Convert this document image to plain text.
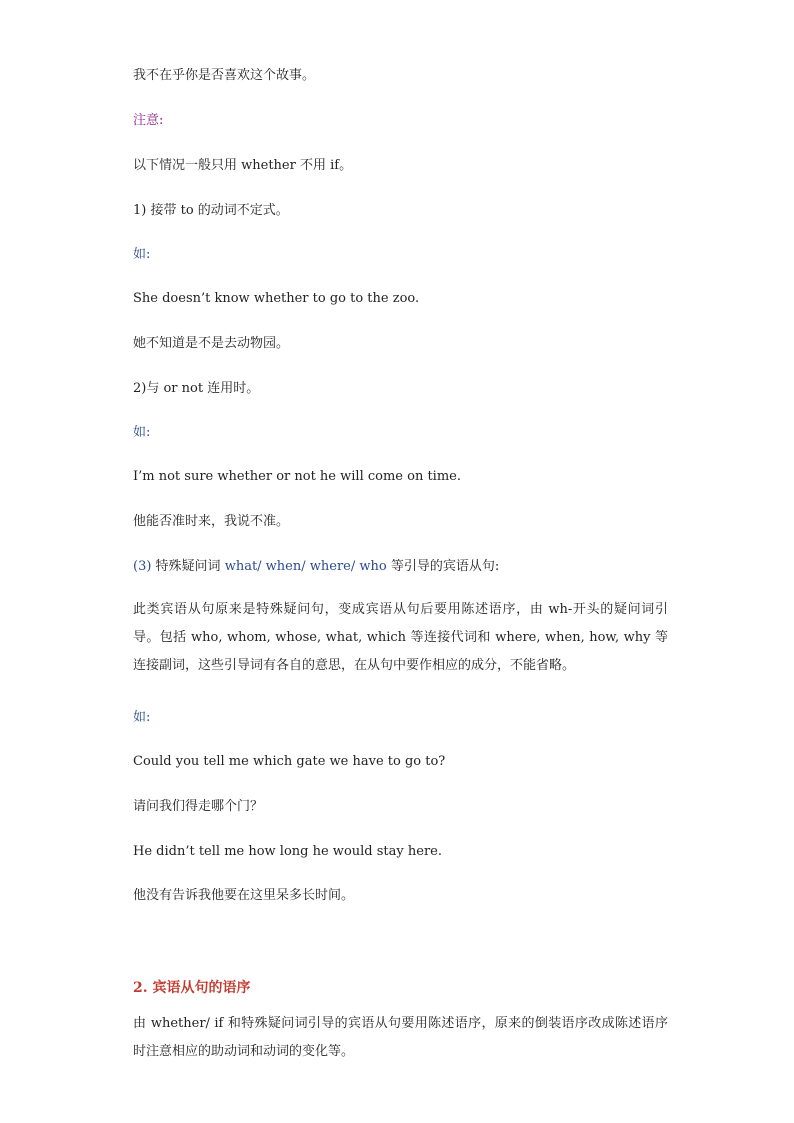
我不在乎你是否喜欢这个故事。
注意:
以下情况一般只用 whether 不用 if。
1) 接带 to 的动词不定式。
如:
She doesn’t know whether to go to the zoo.
她不知道是不是去动物园。
2)与 or not 连用时。
如:
I’m not sure whether or not he will come on time.
他能否准时来，我说不准。
(3) 特殊疑问词 what/ when/ where/ who 等引导的宾语从句:
此类宾语从句原来是特殊疑问句，变成宾语从句后要用陈述语序，由 wh-开头的疑问词引导。包括 who, whom, whose, what, which 等连接代词和 where, when, how, why 等连接副词，这些引导词有各自的意思，在从句中要作相应的成分，不能省略。
如:
Could you tell me which gate we have to go to?
请问我们得走哪个门？
He didn’t tell me how long he would stay here.
他没有告诉我他要在这里呆多长时间。
2. 宾语从句的语序
由 whether/ if 和特殊疑问词引导的宾语从句要用陈述语序，原来的倒装语序改成陈述语序时注意相应的助动词和动词的变化等。
